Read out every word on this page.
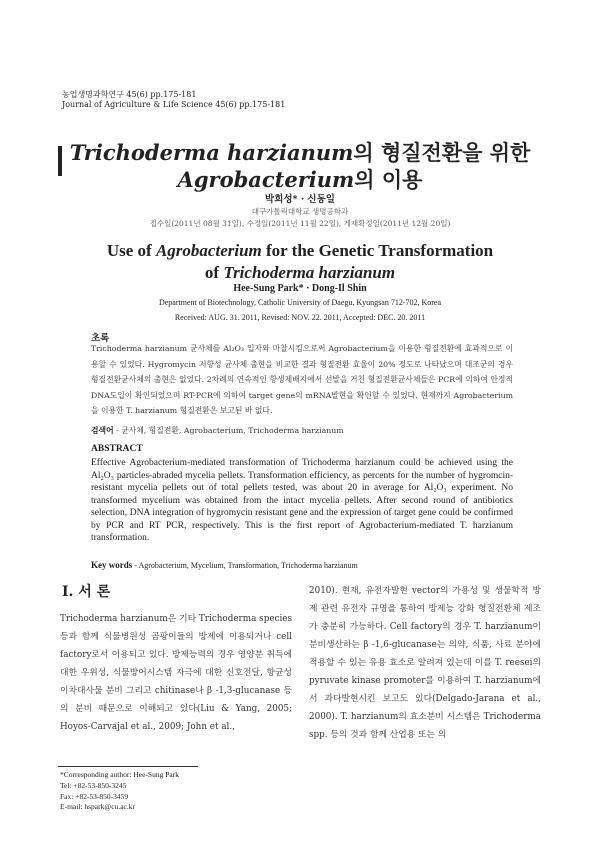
농업생명과학연구 45(6) pp.175-181
Journal of Agriculture & Life Science 45(6) pp.175-181
Trichoderma harzianum의 형질전환을 위한
Agrobacterium의 이용
박희성* · 신동일
대구가톨릭대학교 생명공학과
접수일(2011년 08월 31일), 수정일(2011년 11월 22일), 게재확정일(2011년 12월 20일)
Use of Agrobacterium for the Genetic Transformation
of Trichoderma harzianum
Hee-Sung Park* · Dong-Il Shin
Department of Biotechnology, Catholic University of Daegu, Kyungsan 712-702, Korea
Received: AUG. 31. 2011, Revised: NOV. 22. 2011, Accepted: DEC. 20. 2011
초록
Trichoderma harzianum 균사체를 Al₂O₃ 입자와 마찰시킴으로써 Agrobacterium을 이용한 형질전환에 효과적으로 이용할 수 있었다. Hygromycin 저항성 균사체 출현을 비교한 결과 형질전환 효율이 20% 정도로 나타났으며 대조군의 경우 형질전환균사체의 출현은 없었다. 2차례의 연속적인 항생제배지에서 선발을 거친 형질전환균사체들은 PCR에 의하여 안정적 DNA도입이 확인되었으며 RT-PCR에 의하여 target gene의 mRNA발현을 확인할 수 있었다. 현재까지 Agrobacterium을 이용한 T. harzianum 형질전환은 보고된 바 없다.
검색어 - 균사체, 형질전환, Agrobacterium, Trichoderma harzianum
ABSTRACT
Effective Agrobacterium-mediated transformation of Trichoderma harzianum could be achieved using the Al₂O₃ particles-abraded mycelia pellets. Transformation efficiency, as percents for the number of hygromcin-resistant mycelia pellets out of total pellets tested, was about 20 in average for Al₂O₃ experiment. No transformed mycelium was obtained from the intact mycelia pellets. After second round of antibiotics selection, DNA integration of hygromycin resistant gene and the expression of target gene could be confirmed by PCR and RT PCR, respectively. This is the first report of Agrobacterium-mediated T. harzianum transformation.
Key words - Agrobacterium, Mycelium, Transformation, Trichoderma harzianum
Ⅰ. 서 론
Trichoderma harzianum은 기타 Trichoderma species 등과 함께 식물병원성 곰팡이들의 방제에 이용되거나 cell factory로서 이용되고 있다. 방제능력의 경우 영양분 취득에 대한 우위성, 식물방어시스템 자극에 대한 신호전달, 항균성 이차대사물 분비 그리고 chitinase나 β -1,3-glucanase 등의 분비 때문으로 이해되고 있다(Liu & Yang, 2005; Hoyos-Carvajal et al., 2009; John et al.,
2010). 현재, 유전자발현 vector의 가용성 및 생물학적 방제 관련 유전자 규명을 통하여 방제능 강화 형질전환체 제조가 충분히 가능하다. Cell factory의 경우 T. harzianum이 분비생산하는 β -1,6-glucanase는 의약, 식품, 사료 분야에 적용할 수 있는 유용 효소로 알려져 있는데 이를 T. reesei의 pyruvate kinase promoter를 이용하여 T. harzianum에서 과다발현시킨 보고도 있다(Delgado-Jarana et al., 2000). T. harzianum의 효소분비 시스템은 Trichoderma spp. 등의 것과 함께 산업용 또는 의
*Corresponding author: Hee-Sung Park
Tel: +82-53-850-3245
Fax: +82-53-850-3459
E-mail: hspark@cu.ac.kr
